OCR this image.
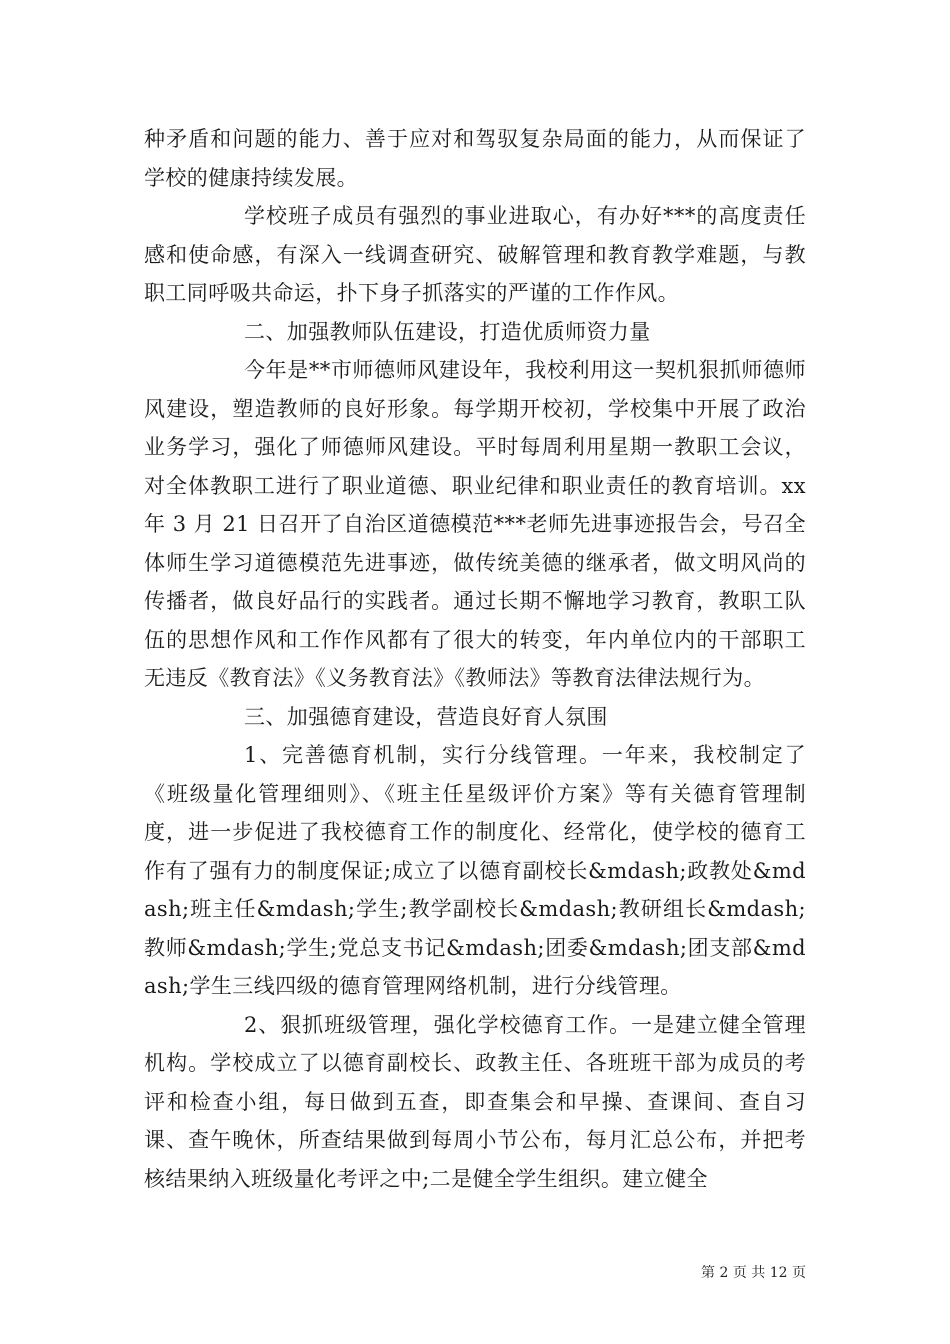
种矛盾和问题的能力、善于应对和驾驭复杂局面的能力，从而保证了学校的健康持续发展。

学校班子成员有强烈的事业进取心，有办好***的高度责任感和使命感，有深入一线调查研究、破解管理和教育教学难题，与教职工同呼吸共命运，扑下身子抓落实的严谨的工作作风。

二、加强教师队伍建设，打造优质师资力量

今年是**市师德师风建设年，我校利用这一契机狠抓师德师风建设，塑造教师的良好形象。每学期开校初，学校集中开展了政治业务学习，强化了师德师风建设。平时每周利用星期一教职工会议，对全体教职工进行了职业道德、职业纪律和职业责任的教育培训。xx 年 3 月 21 日召开了自治区道德模范***老师先进事迹报告会，号召全体师生学习道德模范先进事迹，做传统美德的继承者，做文明风尚的传播者，做良好品行的实践者。通过长期不懈地学习教育，教职工队伍的思想作风和工作作风都有了很大的转变，年内单位内的干部职工无违反《教育法》《义务教育法》《教师法》等教育法律法规行为。

三、加强德育建设，营造良好育人氛围

1、完善德育机制，实行分线管理。一年来，我校制定了《班级量化管理细则》、《班主任星级评价方案》等有关德育管理制度，进一步促进了我校德育工作的制度化、经常化，使学校的德育工作有了强有力的制度保证;成立了以德育副校长&mdash;政教处&mdash;班主任&mdash;学生;教学副校长&mdash;教研组长&mdash;教师&mdash;学生;党总支书记&mdash;团委&mdash;团支部&mdash;学生三线四级的德育管理网络机制，进行分线管理。

2、狠抓班级管理，强化学校德育工作。一是建立健全管理机构。学校成立了以德育副校长、政教主任、各班班干部为成员的考评和检查小组，每日做到五查，即查集会和早操、查课间、查自习课、查午晚休，所查结果做到每周小节公布，每月汇总公布，并把考核结果纳入班级量化考评之中;二是健全学生组织。建立健全

第 2 页 共 12 页
